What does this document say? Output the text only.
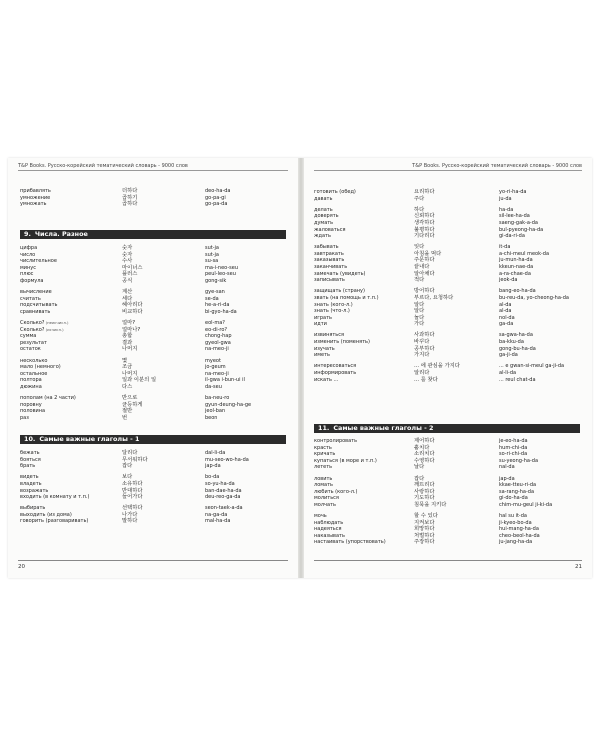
T&P Books. Русско-корейский тематический словарь - 9000 слов
20
прибавлять	더하다	deo-ha-da
умножение	곱하기	go-pa-gi
умножать	곱하다	go-pa-da
9. Числа. Разное
цифра	숫자	sut-ja
число	숫자	sut-ja
числительное	수사	su-sa
минус	마이너스	ma-i-neo-seu
плюс	플러스	peul-leo-seu
формула	공식	gong-sik
вычисление	계산	gye-san
считать	세다	se-da
подсчитывать	헤아리다	he-a-ri-da
сравнивать	비교하다	bi-gyo-ha-da
Сколько? (неисчисл.)	얼마?	eol-ma?
Сколько? (исчисл.)	얼마나?	eo-di-ro?
сумма	총합	chong-hap
результат	결과	gyeol-gwa
остаток	나머지	na-meo-ji
несколько	몇	myeot
мало (немного)	조금	jo-geum
остальное	나머지	na-meo-ji
полтора	일과 이분의 일	il-gwa i-bun-ui il
дюжина	다스	da-seu
пополам (на 2 части)	반으로	ba-neu-ro
поровну	균등하게	gyun-deung-ha-ge
половина	절반	jeol-ban
раз	번	beon
10. Самые важные глаголы - 1
бежать	달리다	dal-li-da
бояться	무서워하다	mu-seo-wo-ha-da
брать	잡다	jap-da
видеть	보다	bo-da
владеть	소유하다	so-yu-ha-da
возражать	반대하다	ban-dae-ha-da
входить (в комнату и т.п.)	들어가다	deu-reo-ga-da
выбирать	선택하다	seon-taek-a-da
выходить (из дома)	나가다	na-ga-da
говорить (разговаривать)	말하다	mal-ha-da
T&P Books. Русско-корейский тематический словарь - 9000 слов
21
готовить (обед)	요리하다	yo-ri-ha-da
давать	주다	ju-da
делать	하다	ha-da
доверять	신뢰하다	sil-lee-ha-da
думать	생각하다	saeng-gak-a-da
жаловаться	불평하다	bul-pyeong-ha-da
ждать	기다리다	gi-da-ri-da
забывать	잊다	it-da
завтракать	아침을 먹다	a-chi-meul meok-da
заказывать	주문하다	ju-mun-ha-da
заканчивать	끝내다	kkeun-nae-da
замечать (увидеть)	알아채다	a-ra-chae-da
записывать	적다	jeok-da
защищать (страну)	방어하다	bang-eo-ha-da
звать (на помощь и т.п.)	부르다, 요청하다	bu-reu-da, yo-cheong-ha-da
знать (кого-л.)	알다	al-da
знать (что-л.)	알다	al-da
играть	놀다	nol-da
идти	가다	ga-da
извиняться	사과하다	sa-gwa-ha-da
изменить (поменять)	바꾸다	ba-kku-da
изучать	공부하다	gong-bu-ha-da
иметь	가지다	ga-ji-da
интересоваться	... 에 관심을 가지다	... e gwan-si-meul ga-ji-da
информировать	알리다	al-li-da
искать ...	... 를 찾다	... reul chat-da
11. Самые важные глаголы - 2
контролировать	제어하다	je-eo-ha-da
красть	훔치다	hum-chi-da
кричать	소리치다	so-ri-chi-da
купаться (в море и т.п.)	수영하다	su-yeong-ha-da
лететь	날다	nal-da
ловить	잡다	jap-da
ломать	깨뜨리다	kkae-tteu-ri-da
любить (кого-л.)	사랑하다	sa-rang-ha-da
молиться	기도하다	gi-do-ha-da
молчать	침묵을 지키다	chim-mu-geul ji-ki-da
мочь	할 수 있다	hal su it-da
наблюдать	지켜보다	ji-kyeo-bo-da
надеяться	희망하다	hui-mang-ha-da
наказывать	처벌하다	cheo-beol-ha-da
настаивать (упорствовать)	주장하다	ju-jang-ha-da
